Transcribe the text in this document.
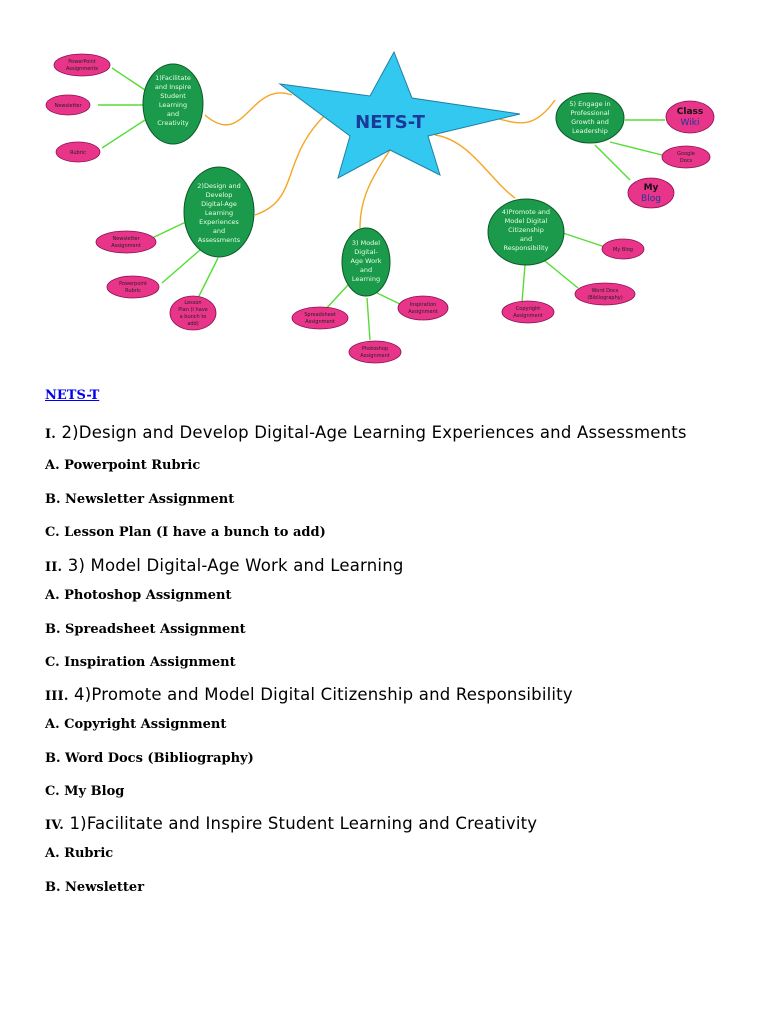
NETS-T
1)Facilitate
and Inspire
Student
Learning
and
Creativity
2)Design and
Develop
Digital-Age
Learning
Experiences
and
Assessments	3) Model
Digital-
Age Work
and
Learning
4)Promote and
Model Digital
Citizenship
and
Responsibility
5) Engage in
Professional
Growth and
Leadership
PowerPoint
Assignments
Newsletter
Rubric
Newsletter
Assignment
Powerpoint
Rubric
Lesson
Plan (I have
a bunch to
add)
Spreadsheet
Assignment
Inspiration
Assignment
Photoshop
Assignment
Copyright
Assignment
Word Docs
(Bibliography)
My Blog
Class
Wiki
Google
Docs
My
Blog
NETS-T

I. 2)Design and Develop Digital-Age Learning Experiences and Assessments

A. Powerpoint Rubric

B. Newsletter Assignment

C. Lesson Plan (I have a bunch to add)

II. 3) Model Digital-Age Work and Learning

A. Photoshop Assignment

B. Spreadsheet Assignment

C. Inspiration Assignment

III. 4)Promote and Model Digital Citizenship and Responsibility

A. Copyright Assignment

B. Word Docs (Bibliography)

C. My Blog

IV. 1)Facilitate and Inspire Student Learning and Creativity

A. Rubric

B. Newsletter
